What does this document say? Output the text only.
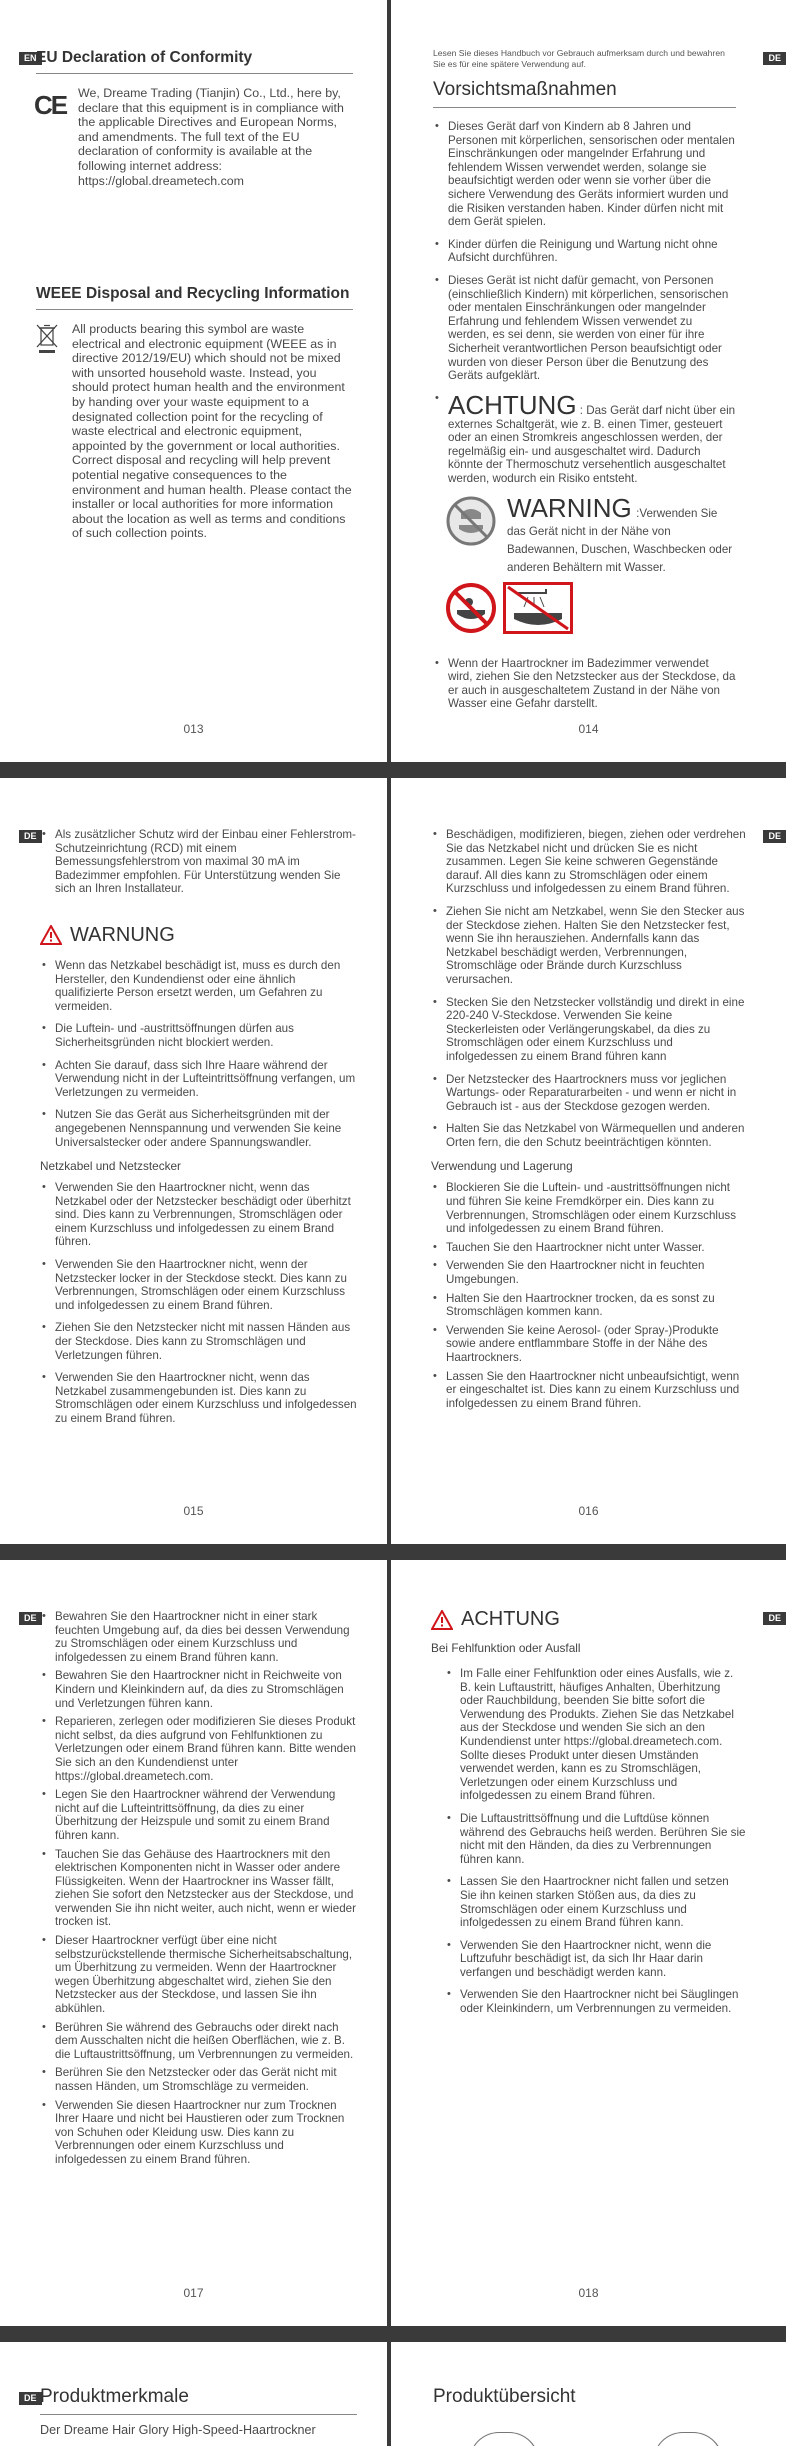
EN EU Declaration of Conformity
CE We, Dreame Trading (Tianjin) Co., Ltd., here by, declare that this equipment is in compliance with the applicable Directives and European Norms, and amendments. The full text of the EU declaration of conformity is available at the following internet address: https://global.dreametech.com
WEEE Disposal and Recycling Information
All products bearing this symbol are waste electrical and electronic equipment (WEEE as in directive 2012/19/EU) which should not be mixed with unsorted household waste. Instead, you should protect human health and the environment by handing over your waste equipment to a designated collection point for the recycling of waste electrical and electronic equipment, appointed by the government or local authorities. Correct disposal and recycling will help prevent potential negative consequences to the environment and human health. Please contact the installer or local authorities for more information about the location as well as terms and conditions of such collection points.
013
DE
Lesen Sie dieses Handbuch vor Gebrauch aufmerksam durch und bewahren Sie es für eine spätere Verwendung auf.
Vorsichtsmaßnahmen
• Dieses Gerät darf von Kindern ab 8 Jahren und Personen mit körperlichen, sensorischen oder mentalen Einschränkungen oder mangelnder Erfahrung und fehlendem Wissen verwendet werden, solange sie beaufsichtigt werden oder wenn sie vorher über die sichere Verwendung des Geräts informiert wurden und die Risiken verstanden haben. Kinder dürfen nicht mit dem Gerät spielen.
• Kinder dürfen die Reinigung und Wartung nicht ohne Aufsicht durchführen.
• Dieses Gerät ist nicht dafür gemacht, von Personen (einschließlich Kindern) mit körperlichen, sensorischen oder mentalen Einschränkungen oder mangelnder Erfahrung und fehlendem Wissen verwendet zu werden, es sei denn, sie werden von einer für ihre Sicherheit verantwortlichen Person beaufsichtigt oder wurden von dieser Person über die Benutzung des Geräts aufgeklärt.
• ACHTUNG : Das Gerät darf nicht über ein externes Schaltgerät, wie z. B. einen Timer, gesteuert oder an einen Stromkreis angeschlossen werden, der regelmäßig ein- und ausgeschaltet wird. Dadurch könnte der Thermoschutz versehentlich ausgeschaltet werden, wodurch ein Risiko entsteht.
WARNING :Verwenden Sie das Gerät nicht in der Nähe von Badewannen, Duschen, Waschbecken oder anderen Behältern mit Wasser.
• Wenn der Haartrockner im Badezimmer verwendet wird, ziehen Sie den Netzstecker aus der Steckdose, da er auch in ausgeschaltetem Zustand in der Nähe von Wasser eine Gefahr darstellt.
014
DE	• Als zusätzlicher Schutz wird der Einbau einer Fehlerstrom-Schutzeinrichtung (RCD) mit einem Bemessungsfehlerstrom von maximal 30 mA im Badezimmer empfohlen. Für Unterstützung wenden Sie sich an Ihren Installateur.
WARNUNG
• Wenn das Netzkabel beschädigt ist, muss es durch den Hersteller, den Kundendienst oder eine ähnlich qualifizierte Person ersetzt werden, um Gefahren zu vermeiden.
• Die Luftein- und -austrittsöffnungen dürfen aus Sicherheitsgründen nicht blockiert werden.
• Achten Sie darauf, dass sich Ihre Haare während der Verwendung nicht in der Lufteintrittsöffnung verfangen, um Verletzungen zu vermeiden.
• Nutzen Sie das Gerät aus Sicherheitsgründen mit der angegebenen Nennspannung und verwenden Sie keine Universalstecker oder andere Spannungswandler.
Netzkabel und Netzstecker
• Verwenden Sie den Haartrockner nicht, wenn das Netzkabel oder der Netzstecker beschädigt oder überhitzt sind. Dies kann zu Verbrennungen, Stromschlägen oder einem Kurzschluss und infolgedessen zu einem Brand führen.
• Verwenden Sie den Haartrockner nicht, wenn der Netzstecker locker in der Steckdose steckt. Dies kann zu Verbrennungen, Stromschlägen oder einem Kurzschluss und infolgedessen zu einem Brand führen.
• Ziehen Sie den Netzstecker nicht mit nassen Händen aus der Steckdose. Dies kann zu Stromschlägen und Verletzungen führen.
• Verwenden Sie den Haartrockner nicht, wenn das Netzkabel zusammengebunden ist. Dies kann zu Stromschlägen oder einem Kurzschluss und infolgedessen zu einem Brand führen.
015
DE
• Beschädigen, modifizieren, biegen, ziehen oder verdrehen Sie das Netzkabel nicht und drücken Sie es nicht zusammen. Legen Sie keine schweren Gegenstände darauf. All dies kann zu Stromschlägen oder einem Kurzschluss und infolgedessen zu einem Brand führen.
• Ziehen Sie nicht am Netzkabel, wenn Sie den Stecker aus der Steckdose ziehen. Halten Sie den Netzstecker fest, wenn Sie ihn herausziehen. Andernfalls kann das Netzkabel beschädigt werden, Verbrennungen, Stromschläge oder Brände durch Kurzschluss verursachen.
• Stecken Sie den Netzstecker vollständig und direkt in eine 220-240 V-Steckdose. Verwenden Sie keine Steckerleisten oder Verlängerungskabel, da dies zu Stromschlägen oder einem Kurzschluss und infolgedessen zu einem Brand führen kann
• Der Netzstecker des Haartrockners muss vor jeglichen Wartungs- oder Reparaturarbeiten - und wenn er nicht in Gebrauch ist - aus der Steckdose gezogen werden.
• Halten Sie das Netzkabel von Wärmequellen und anderen Orten fern, die den Schutz beeinträchtigen könnten.
Verwendung und Lagerung
• Blockieren Sie die Luftein- und -austrittsöffnungen nicht und führen Sie keine Fremdkörper ein. Dies kann zu Verbrennungen, Stromschlägen oder einem Kurzschluss und infolgedessen zu einem Brand führen.
• Tauchen Sie den Haartrockner nicht unter Wasser.
• Verwenden Sie den Haartrockner nicht in feuchten Umgebungen.
• Halten Sie den Haartrockner trocken, da es sonst zu Stromschlägen kommen kann.
• Verwenden Sie keine Aerosol- (oder Spray-)Produkte sowie andere entflammbare Stoffe in der Nähe des Haartrockners.
• Lassen Sie den Haartrockner nicht unbeaufsichtigt, wenn er eingeschaltet ist. Dies kann zu einem Kurzschluss und infolgedessen zu einem Brand führen.
016
DE	• Bewahren Sie den Haartrockner nicht in einer stark feuchten Umgebung auf, da dies bei dessen Verwendung zu Stromschlägen oder einem Kurzschluss und infolgedessen zu einem Brand führen kann.
• Bewahren Sie den Haartrockner nicht in Reichweite von Kindern und Kleinkindern auf, da dies zu Stromschlägen und Verletzungen führen kann.
• Reparieren, zerlegen oder modifizieren Sie dieses Produkt nicht selbst, da dies aufgrund von Fehlfunktionen zu Verletzungen oder einem Brand führen kann. Bitte wenden Sie sich an den Kundendienst unter https://global.dreametech.com.
• Legen Sie den Haartrockner während der Verwendung nicht auf die Lufteintrittsöffnung, da dies zu einer Überhitzung der Heizspule und somit zu einem Brand führen kann.
• Tauchen Sie das Gehäuse des Haartrockners mit den elektrischen Komponenten nicht in Wasser oder andere Flüssigkeiten. Wenn der Haartrockner ins Wasser fällt, ziehen Sie sofort den Netzstecker aus der Steckdose, und verwenden Sie ihn nicht weiter, auch nicht, wenn er wieder trocken ist.
• Dieser Haartrockner verfügt über eine nicht selbstzurückstellende thermische Sicherheitsabschaltung, um Überhitzung zu vermeiden. Wenn der Haartrockner wegen Überhitzung abgeschaltet wird, ziehen Sie den Netzstecker aus der Steckdose, und lassen Sie ihn abkühlen.
• Berühren Sie während des Gebrauchs oder direkt nach dem Ausschalten nicht die heißen Oberflächen, wie z. B. die Luftaustrittsöffnung, um Verbrennungen zu vermeiden.
• Berühren Sie den Netzstecker oder das Gerät nicht mit nassen Händen, um Stromschläge zu vermeiden.
• Verwenden Sie diesen Haartrockner nur zum Trocknen Ihrer Haare und nicht bei Haustieren oder zum Trocknen von Schuhen oder Kleidung usw. Dies kann zu Verbrennungen oder einem Kurzschluss und infolgedessen zu einem Brand führen.
017
DE
ACHTUNG
Bei Fehlfunktion oder Ausfall
• Im Falle einer Fehlfunktion oder eines Ausfalls, wie z. B. kein Luftaustritt, häufiges Anhalten, Überhitzung oder Rauchbildung, beenden Sie bitte sofort die Verwendung des Produkts. Ziehen Sie das Netzkabel aus der Steckdose und wenden Sie sich an den Kundendienst unter https://global.dreametech.com. Sollte dieses Produkt unter diesen Umständen verwendet werden, kann es zu Stromschlägen, Verletzungen oder einem Kurzschluss und infolgedessen zu einem Brand führen.
• Die Luftaustrittsöffnung und die Luftdüse können während des Gebrauchs heiß werden. Berühren Sie sie nicht mit den Händen, da dies zu Verbrennungen führen kann.
• Lassen Sie den Haartrockner nicht fallen und setzen Sie ihn keinen starken Stößen aus, da dies zu Stromschlägen oder einem Kurzschluss und infolgedessen zu einem Brand führen kann.
• Verwenden Sie den Haartrockner nicht, wenn die Luftzufuhr beschädigt ist, da sich Ihr Haar darin verfangen und beschädigt werden kann.
• Verwenden Sie den Haartrockner nicht bei Säuglingen oder Kleinkindern, um Verbrennungen zu vermeiden.
018
DE Produktmerkmale
Der Dreame Hair Glory High-Speed-Haartrockner
Produktübersicht
